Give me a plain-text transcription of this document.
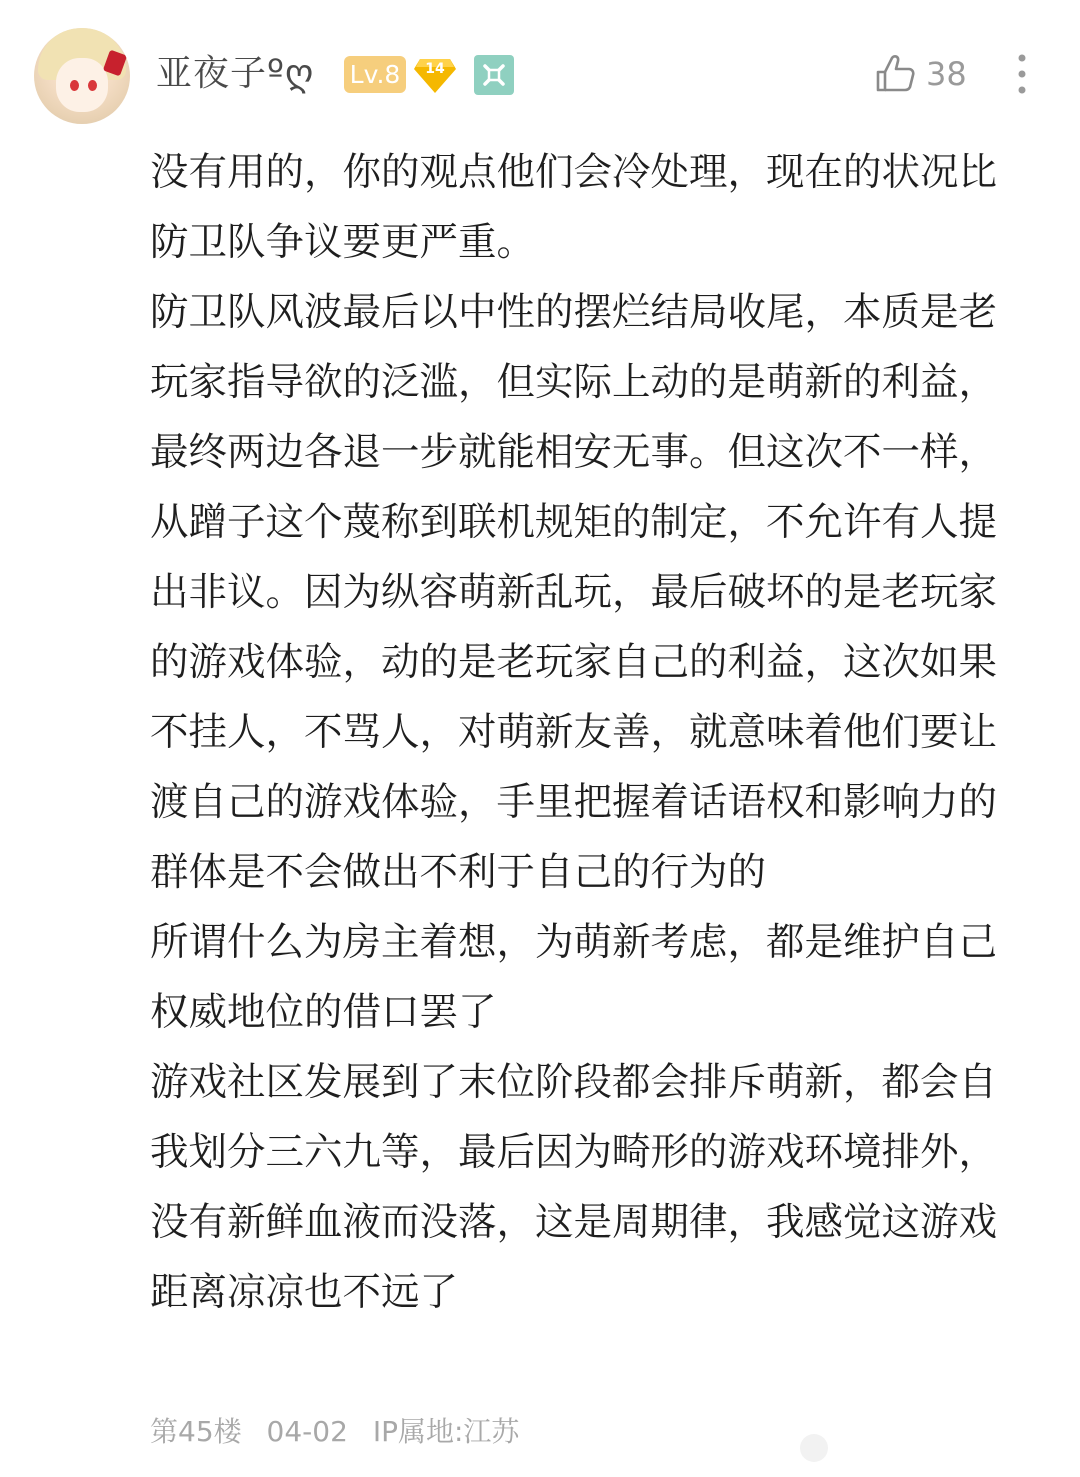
亚夜子ºღ Lv.8	14	38

没有用的，你的观点他们会冷处理，现在的状况比防卫队争议要更严重。

防卫队风波最后以中性的摆烂结局收尾，本质是老玩家指导欲的泛滥，但实际上动的是萌新的利益，最终两边各退一步就能相安无事。但这次不一样，从蹭子这个蔑称到联机规矩的制定，不允许有人提出非议。因为纵容萌新乱玩，最后破坏的是老玩家的游戏体验，动的是老玩家自己的利益，这次如果不挂人，不骂人，对萌新友善，就意味着他们要让渡自己的游戏体验，手里把握着话语权和影响力的群体是不会做出不利于自己的行为的

所谓什么为房主着想，为萌新考虑，都是维护自己权威地位的借口罢了

游戏社区发展到了末位阶段都会排斥萌新，都会自我划分三六九等，最后因为畸形的游戏环境排外，没有新鲜血液而没落，这是周期律，我感觉这游戏距离凉凉也不远了

第45楼 04-02 IP属地:江苏
